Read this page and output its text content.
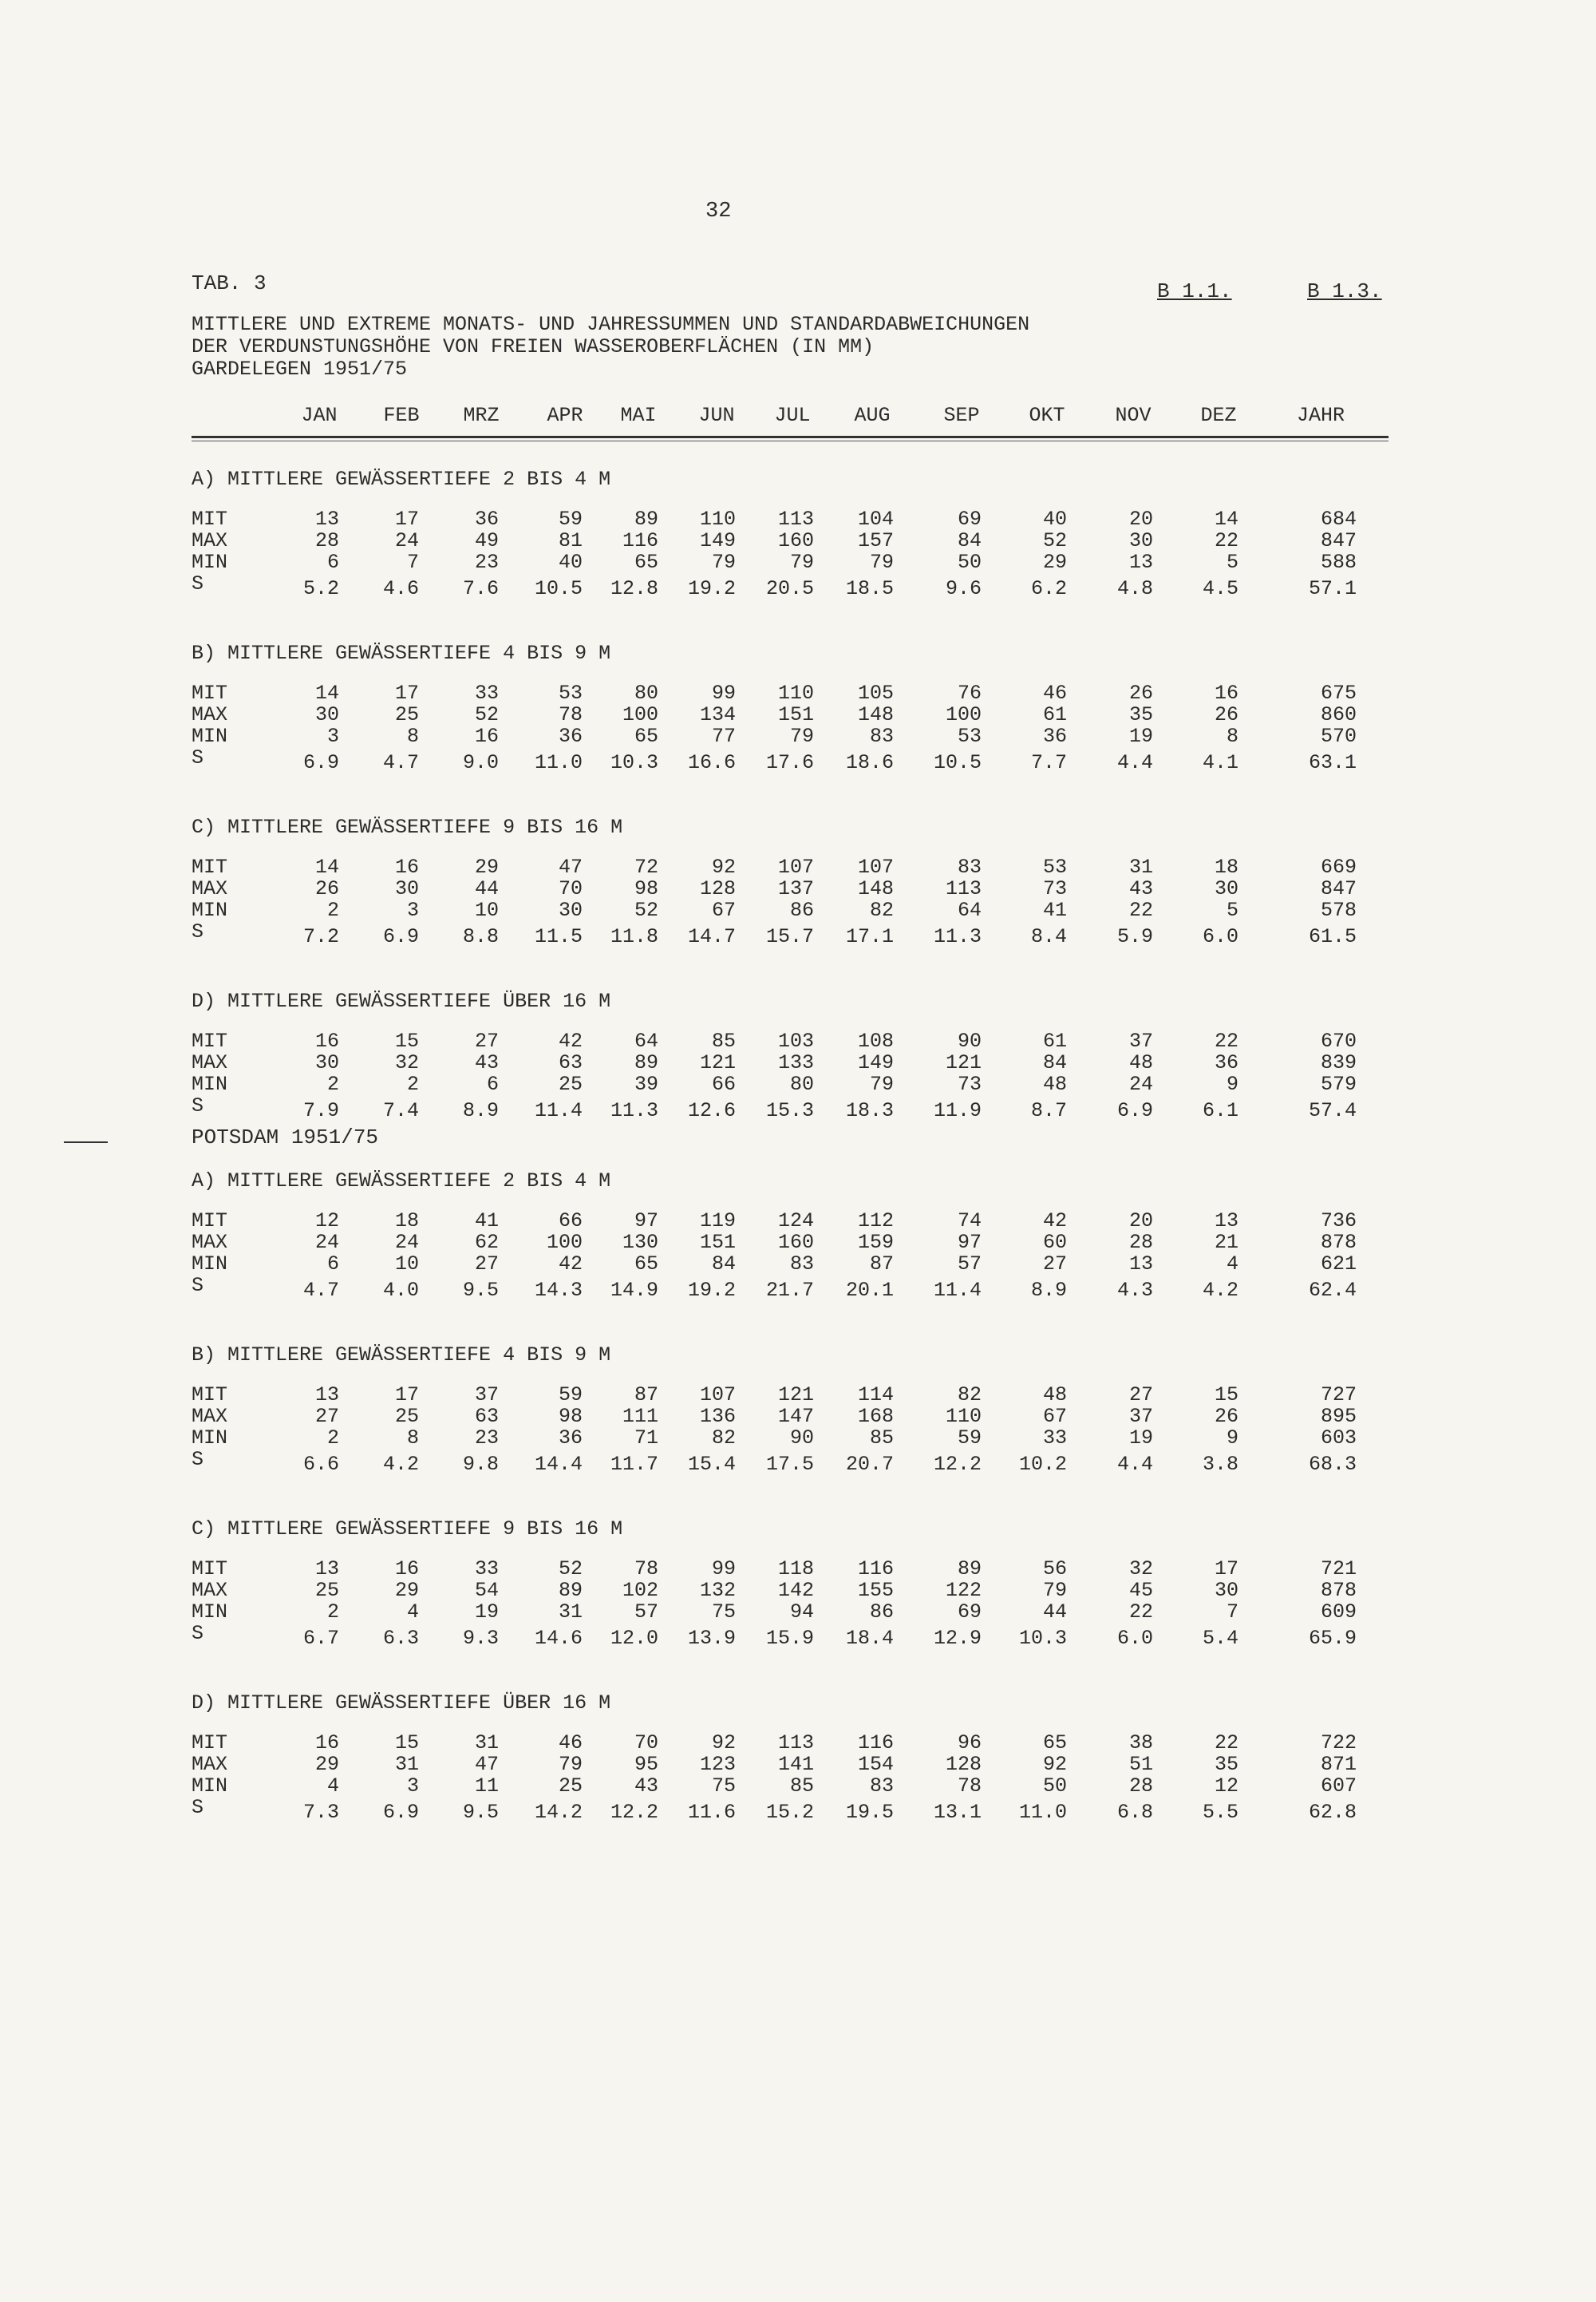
32
TAB. 3	B 1.1.	B 1.3.
MITTLERE UND EXTREME MONATS- UND JAHRESSUMMEN UND STANDARDABWEICHUNGEN
DER VERDUNSTUNGSHÖHE VON FREIEN WASSEROBERFLÄCHEN (IN MM)
GARDELEGEN 1951/75
JAN FEB MRZ APR MAI JUN JUL AUG	SEP OKT	NOV DEZ	JAHR
A) MITTLERE GEWÄSSERTIEFE 2 BIS 4 M
MIT	13	17	36	59	89	110	113	104	69	40	20	14	684
MAX	28	24	49	81	116	149	160	157	84	52	30	22	847
MIN	6	7	23	40	65	79	79	79	50	29	13	5	588
S	5.2	4.6	7.6	10.5	12.8	19.2	20.5	18.5	9.6	6.2	4.8	4.5	57.1
B) MITTLERE GEWÄSSERTIEFE 4 BIS 9 M
MIT	14	17	33	53	80	99	110	105	76	46	26	16	675
MAX	30	25	52	78	100	134	151	148	100	61	35	26	860
MIN	3	8	16	36	65	77	79	83	53	36	19	8	570
S	6.9	4.7	9.0	11.0	10.3	16.6	17.6	18.6	10.5	7.7	4.4	4.1	63.1
C) MITTLERE GEWÄSSERTIEFE 9 BIS 16 M
MIT	14	16	29	47	72	92	107	107	83	53	31	18	669
MAX	26	30	44	70	98	128	137	148	113	73	43	30	847
MIN	2	3	10	30	52	67	86	82	64	41	22	5	578
S	7.2	6.9	8.8	11.5	11.8	14.7	15.7	17.1	11.3	8.4	5.9	6.0	61.5
D) MITTLERE GEWÄSSERTIEFE ÜBER 16 M
MIT	16	15	27	42	64	85	103	108	90	61	37	22	670
MAX	30	32	43	63	89	121	133	149	121	84	48	36	839
MIN	2	2	6	25	39	66	80	79	73	48	24	9	579
S	7.9	7.4	8.9	11.4	11.3	12.6	15.3	18.3	11.9	8.7	6.9	6.1	57.4
POTSDAM 1951/75
A) MITTLERE GEWÄSSERTIEFE 2 BIS 4 M
MIT	12	18	41	66	97	119	124	112	74	42	20	13	736
MAX	24	24	62	100	130	151	160	159	97	60	28	21	878
MIN	6	10	27	42	65	84	83	87	57	27	13	4	621
S	4.7	4.0	9.5	14.3	14.9	19.2	21.7	20.1	11.4	8.9	4.3	4.2	62.4
B) MITTLERE GEWÄSSERTIEFE 4 BIS 9 M
MIT	13	17	37	59	87	107	121	114	82	48	27	15	727
MAX	27	25	63	98	111	136	147	168	110	67	37	26	895
MIN	2	8	23	36	71	82	90	85	59	33	19	9	603
S	6.6	4.2	9.8	14.4	11.7	15.4	17.5	20.7	12.2	10.2	4.4	3.8	68.3
C) MITTLERE GEWÄSSERTIEFE 9 BIS 16 M
MIT	13	16	33	52	78	99	118	116	89	56	32	17	721
MAX	25	29	54	89	102	132	142	155	122	79	45	30	878
MIN	2	4	19	31	57	75	94	86	69	44	22	7	609
S	6.7	6.3	9.3	14.6	12.0	13.9	15.9	18.4	12.9	10.3	6.0	5.4	65.9
D) MITTLERE GEWÄSSERTIEFE ÜBER 16 M
MIT	16	15	31	46	70	92	113	116	96	65	38	22	722
MAX	29	31	47	79	95	123	141	154	128	92	51	35	871
MIN	4	3	11	25	43	75	85	83	78	50	28	12	607
S	7.3	6.9	9.5	14.2	12.2	11.6	15.2	19.5	13.1	11.0	6.8	5.5	62.8
